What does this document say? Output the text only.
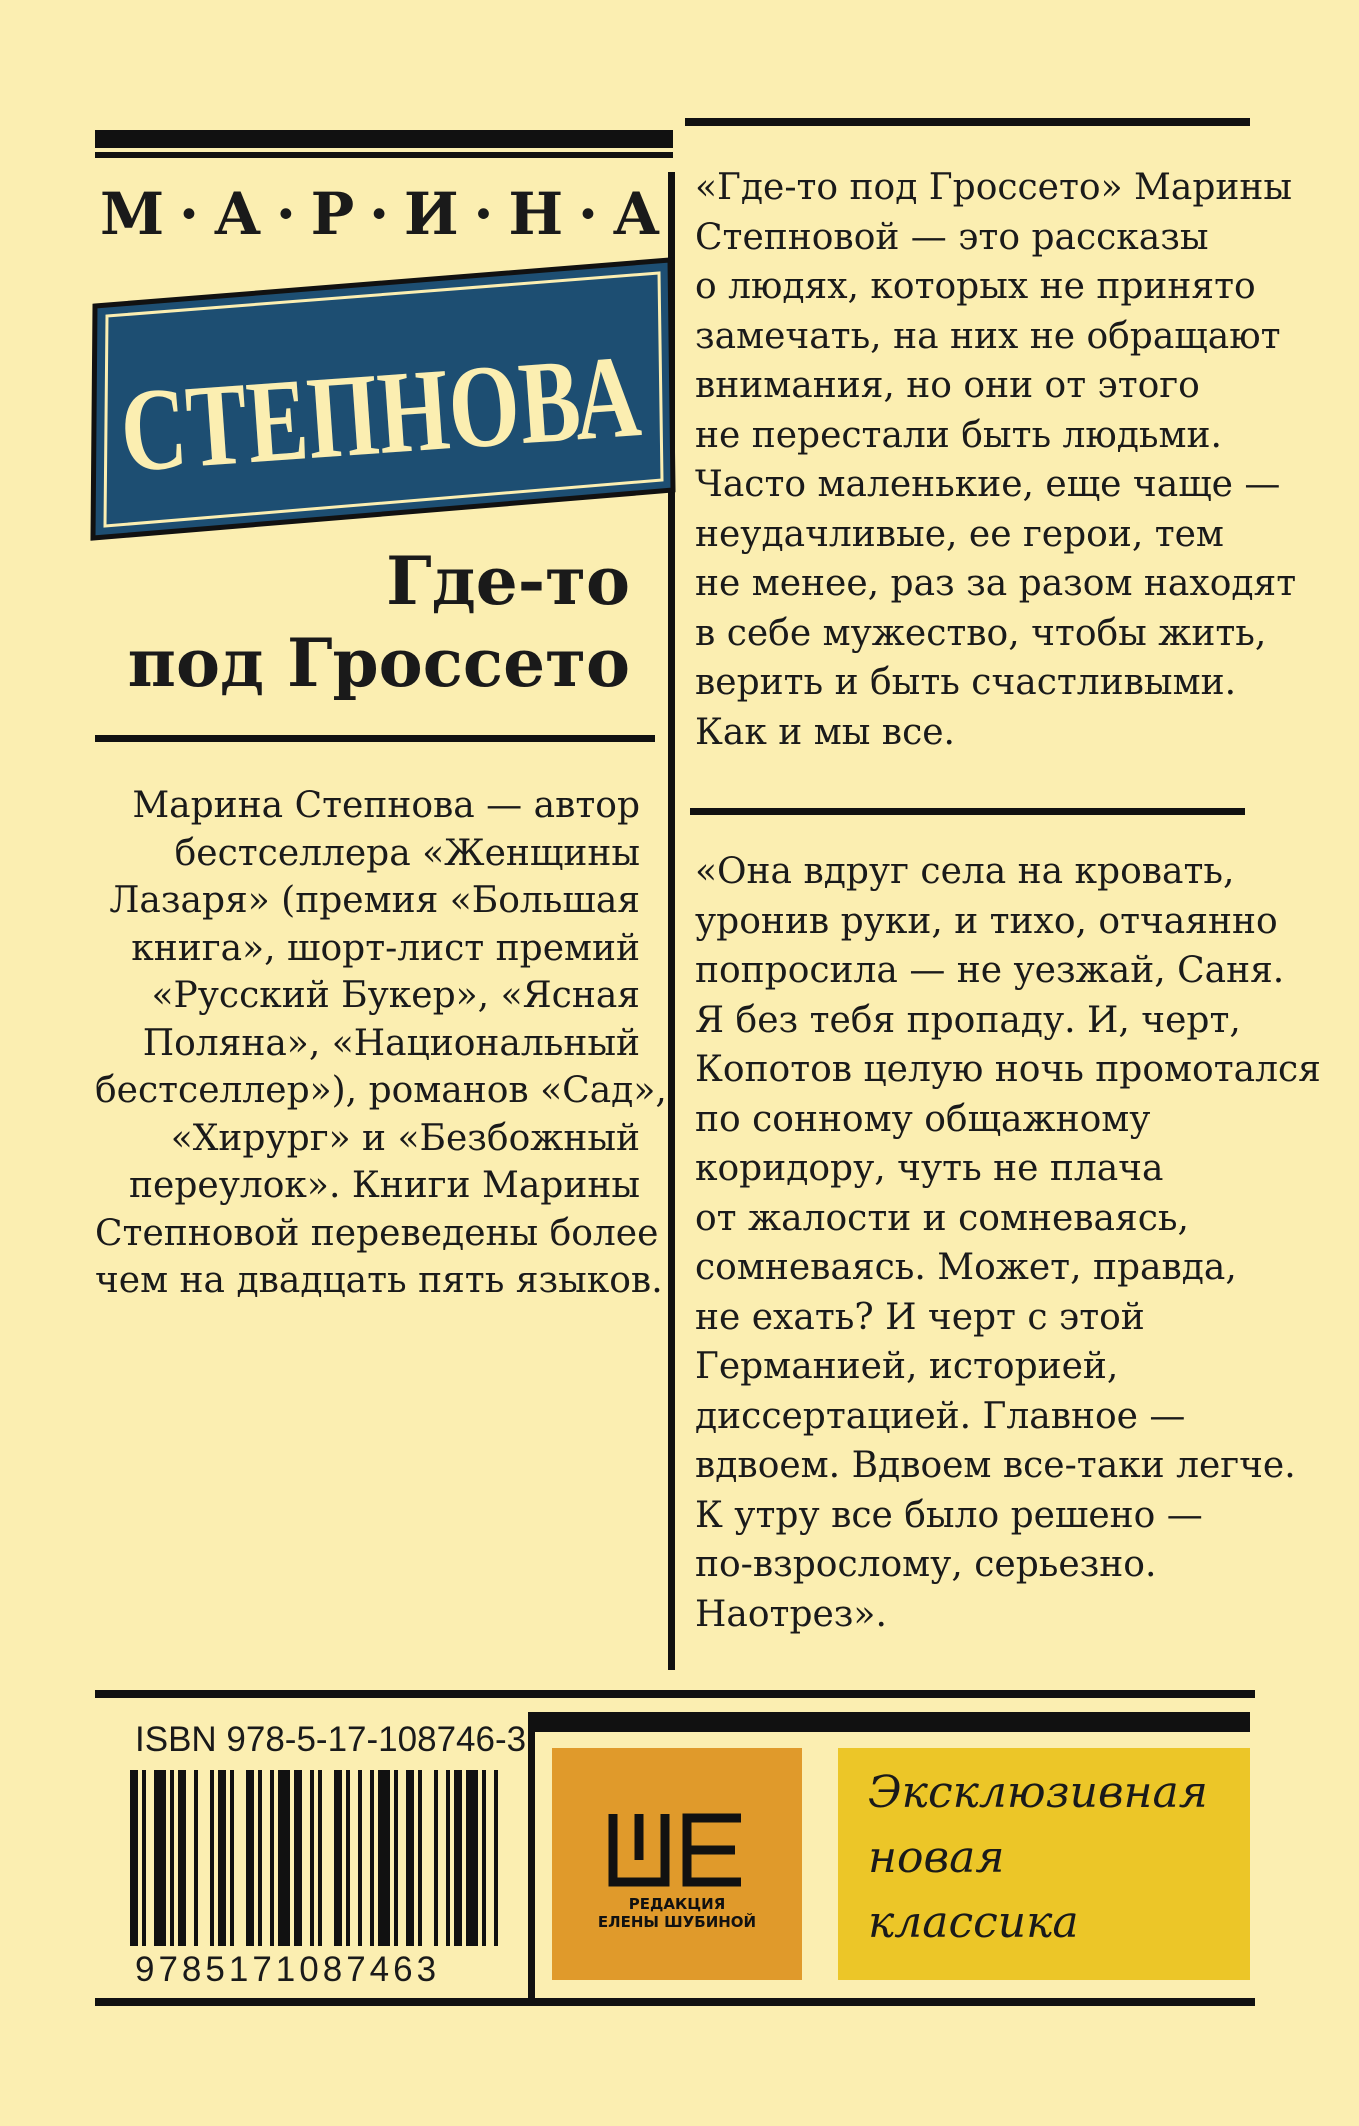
М · А · Р · И · Н · А
СТЕПНОВА
Где-то
под Гроссето
Марина Степнова — автор
бестселлера «Женщины
Лазаря» (премия «Большая
книга», шорт-лист премий
«Русский Букер», «Ясная
Поляна», «Национальный
бестселлер»), романов «Сад»,
«Хирург» и «Безбожный
переулок». Книги Марины
Степновой переведены более
чем на двадцать пять языков.
«Где-то под Гроссето» Марины
Степновой — это рассказы
о людях, которых не принято
замечать, на них не обращают
внимания, но они от этого
не перестали быть людьми.
Часто маленькие, еще чаще —
неудачливые, ее герои, тем
не менее, раз за разом находят
в себе мужество, чтобы жить,
верить и быть счастливыми.
Как и мы все.
«Она вдруг села на кровать,
уронив руки, и тихо, отчаянно
попросила — не уезжай, Саня.
Я без тебя пропаду. И, черт,
Копотов целую ночь промотался
по сонному общажному
коридору, чуть не плача
от жалости и сомневаясь,
сомневаясь. Может, правда,
не ехать? И черт с этой
Германией, историей,
диссертацией. Главное —
вдвоем. Вдвоем все-таки легче.
К утру все было решено —
по-взрослому, серьезно.
Наотрез».
ISBN 978-5-17-108746-3
9785171087463
РЕДАКЦИЯ
ЕЛЕНЫ ШУБИНОЙ
Эксклюзивная
новая
классика
